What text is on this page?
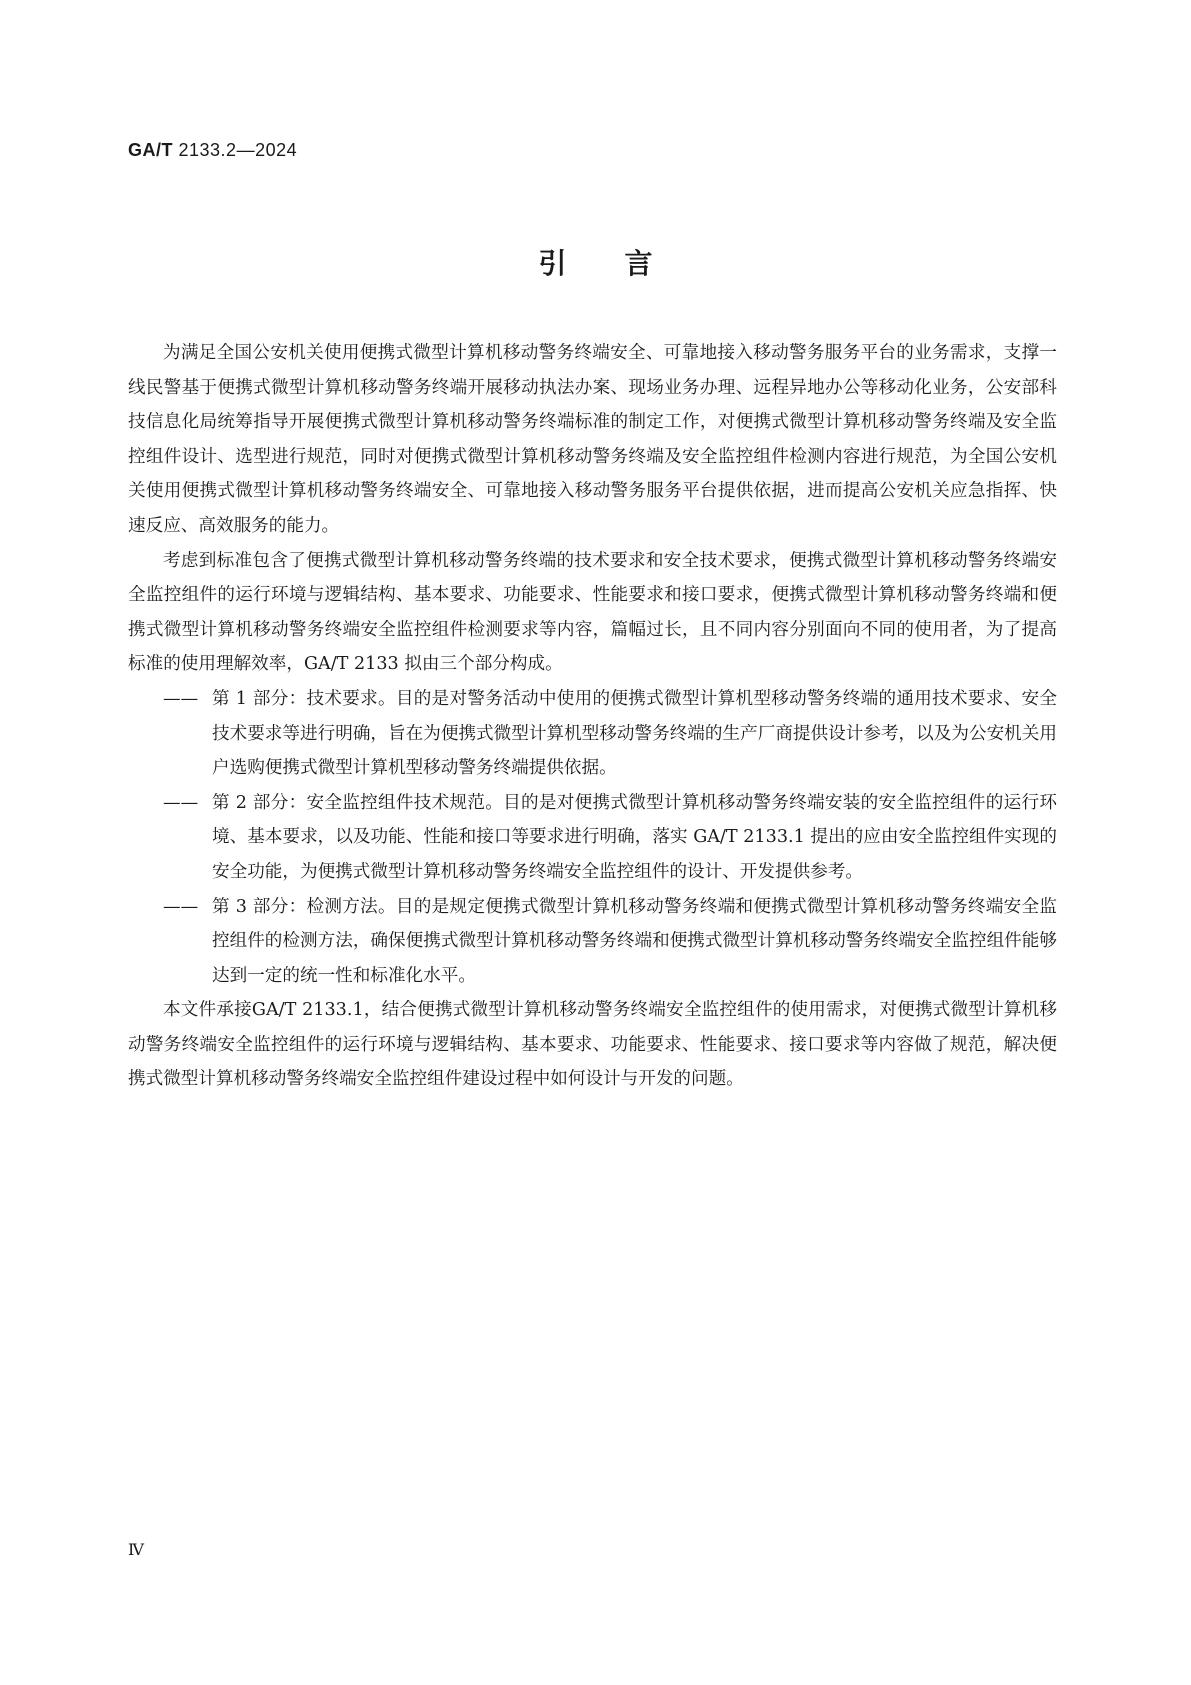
GA/T 2133.2—2024
引言

为满足全国公安机关使用便携式微型计算机移动警务终端安全、可靠地接入移动警务服务平台的业务需求，支撑一线民警基于便携式微型计算机移动警务终端开展移动执法办案、现场业务办理、远程异地办公等移动化业务，公安部科技信息化局统筹指导开展便携式微型计算机移动警务终端标准的制定工作，对便携式微型计算机移动警务终端及安全监控组件设计、选型进行规范，同时对便携式微型计算机移动警务终端及安全监控组件检测内容进行规范，为全国公安机关使用便携式微型计算机移动警务终端安全、可靠地接入移动警务服务平台提供依据，进而提高公安机关应急指挥、快速反应、高效服务的能力。

考虑到标准包含了便携式微型计算机移动警务终端的技术要求和安全技术要求，便携式微型计算机移动警务终端安全监控组件的运行环境与逻辑结构、基本要求、功能要求、性能要求和接口要求，便携式微型计算机移动警务终端和便携式微型计算机移动警务终端安全监控组件检测要求等内容，篇幅过长，且不同内容分别面向不同的使用者，为了提高标准的使用理解效率，GA/T 2133 拟由三个部分构成。

—— 第 1 部分：技术要求。目的是对警务活动中使用的便携式微型计算机型移动警务终端的通用技术要求、安全技术要求等进行明确，旨在为便携式微型计算机型移动警务终端的生产厂商提供设计参考，以及为公安机关用户选购便携式微型计算机型移动警务终端提供依据。

—— 第 2 部分：安全监控组件技术规范。目的是对便携式微型计算机移动警务终端安装的安全监控组件的运行环境、基本要求，以及功能、性能和接口等要求进行明确，落实 GA/T 2133.1 提出的应由安全监控组件实现的安全功能，为便携式微型计算机移动警务终端安全监控组件的设计、开发提供参考。

—— 第 3 部分：检测方法。目的是规定便携式微型计算机移动警务终端和便携式微型计算机移动警务终端安全监控组件的检测方法，确保便携式微型计算机移动警务终端和便携式微型计算机移动警务终端安全监控组件能够达到一定的统一性和标准化水平。

本文件承接GA/T 2133.1，结合便携式微型计算机移动警务终端安全监控组件的使用需求，对便携式微型计算机移动警务终端安全监控组件的运行环境与逻辑结构、基本要求、功能要求、性能要求、接口要求等内容做了规范，解决便携式微型计算机移动警务终端安全监控组件建设过程中如何设计与开发的问题。

Ⅳ
